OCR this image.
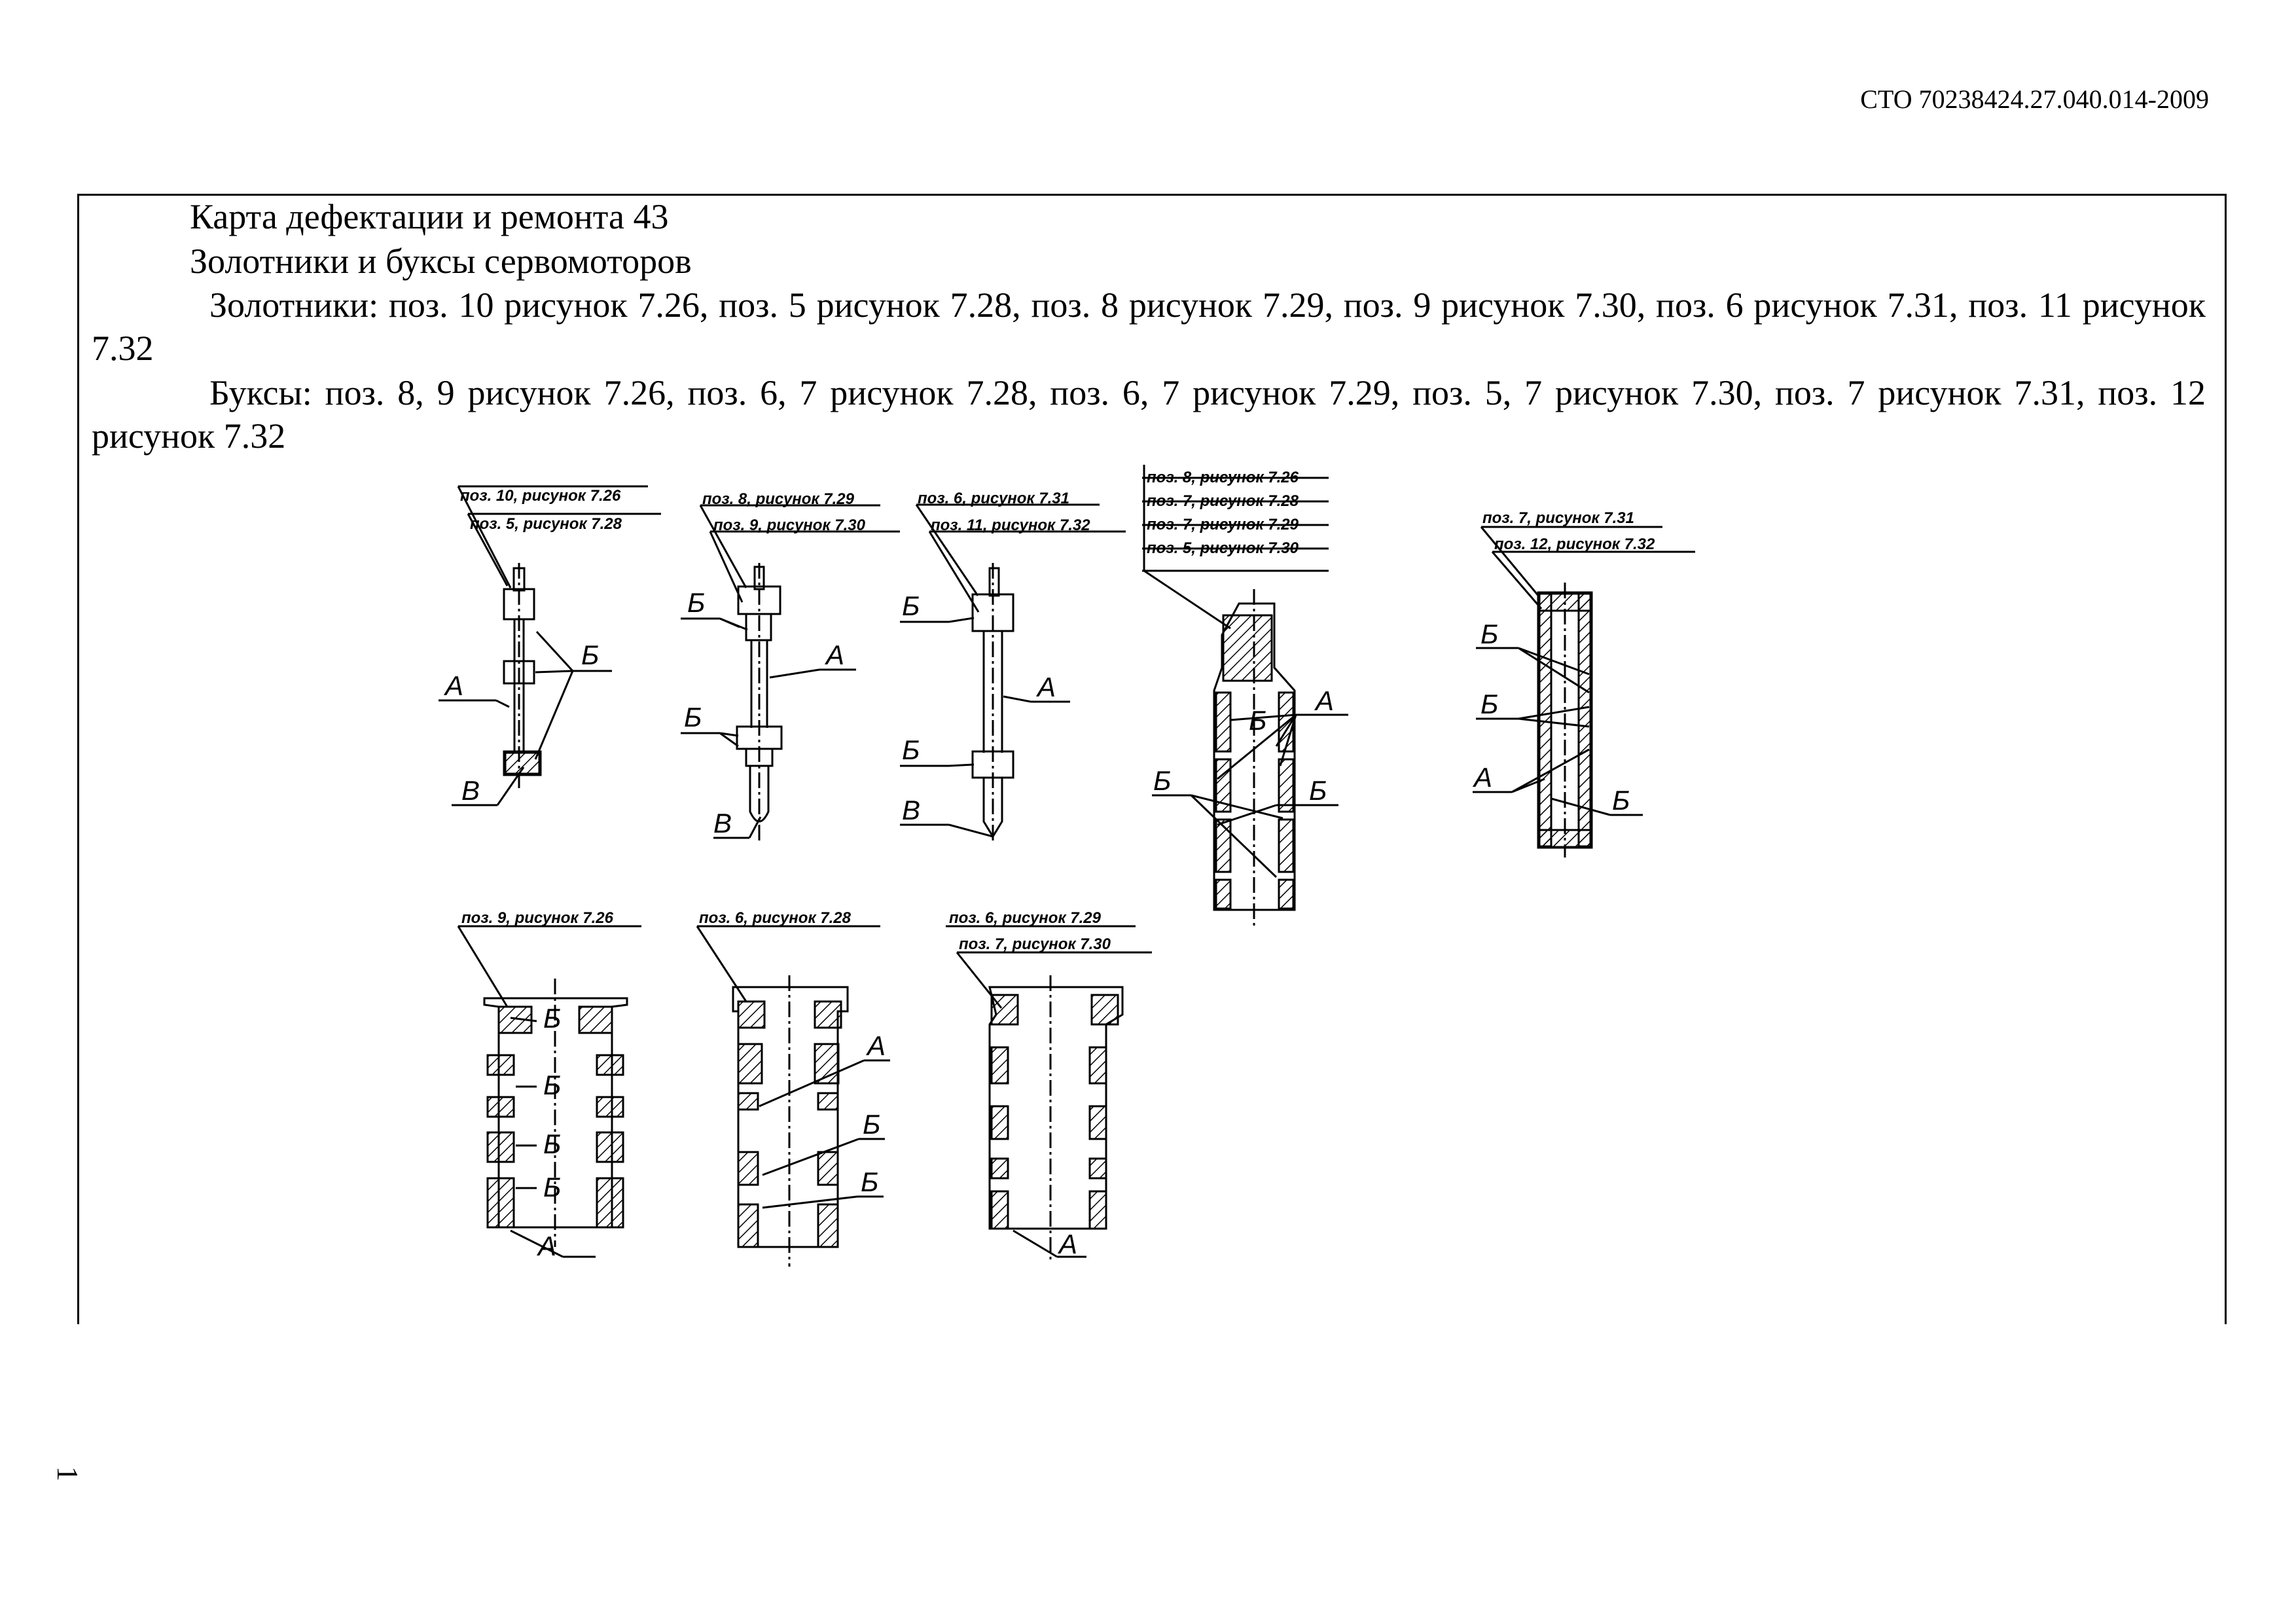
СТО 70238424.27.040.014-2009
Карта дефектации и ремонта 43
Золотники и буксы сервомоторов

Золотники: поз. 10 рисунок 7.26, поз. 5 рисунок 7.28, поз. 8 рисунок 7.29, поз. 9 рисунок 7.30, поз. 6 рисунок 7.31, поз. 11 рисунок 7.32

Буксы: поз. 8, 9 рисунок 7.26, поз. 6, 7 рисунок 7.28, поз. 6, 7 рисунок 7.29, поз. 5, 7 рисунок 7.30, поз. 7 рисунок 7.31, поз. 12 рисунок 7.32

1
поз. 10, рисунок 7.26
поз. 5, рисунок 7.28
поз. 8, рисунок 7.29
поз. 9, рисунок 7.30
поз. 6, рисунок 7.31
поз. 11, рисунок 7.32
поз. 8, рисунок 7.26
поз. 7, рисунок 7.28
поз. 7, рисунок 7.29
поз. 5, рисунок 7.30
поз. 7, рисунок 7.31
поз. 12, рисунок 7.32
поз. 9, рисунок 7.26	поз. 6, рисунок 7.28	поз. 6, рисунок 7.29
поз. 7, рисунок 7.30
Б
А
В
Б
А
Б
В
Б
А
Б
В
А
Б
Б	Б
Б
Б
А
Б
Б
Б
Б
Б
А
А
Б
Б
А
